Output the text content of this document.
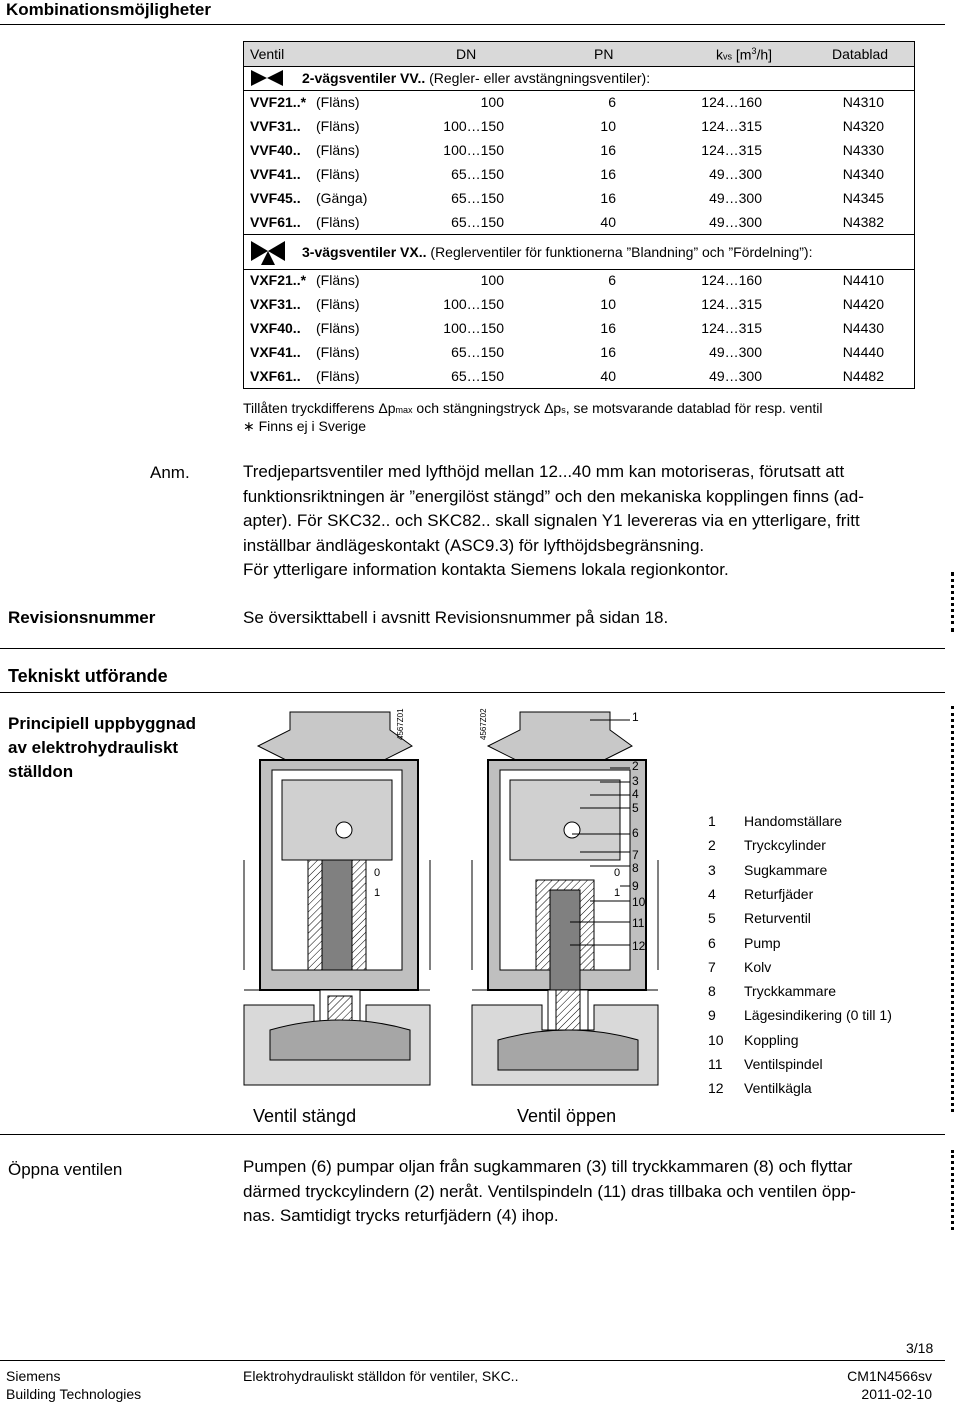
Kombinationsmöjligheter
Ventil	DN	PN	kvs $[m^3/h]$	Datablad
2-vägsventiler VV.. (Regler- eller avstängningsventiler):
VVF21..* (Fläns)	100	6	124…160	N4310
VVF31.. (Fläns)	100…150	10	124…315	N4320
VVF40.. (Fläns)	100…150	16	124…315	N4330
VVF41.. (Fläns)	65…150	16	49…300	N4340
VVF45.. (Gänga)	65…150	16	49…300	N4345
VVF61.. (Fläns)	65…150	40	49…300	N4382
3-vägsventiler VX.. (Reglerventiler för funktionerna ”Blandning” och ”Fördelning”):
VXF21..* (Fläns)	100	6	124…160	N4410
VXF31.. (Fläns)	100…150	10	124…315	N4420
VXF40.. (Fläns)	100…150	16	124…315	N4430
VXF41.. (Fläns)	65…150	16	49…300	N4440
VXF61.. (Fläns)	65…150	40	49…300	N4482
Tillåten tryckdifferens Δpmax och stängningstryck Δps, se motsvarande datablad för resp. ventil
∗ Finns ej i Sverige
Anm.	Tredjepartsventiler med lyfthöjd mellan 12...40 mm kan motoriseras, förutsatt att
funktionsriktningen är ”energilöst stängd” och den mekaniska kopplingen finns (ad-
apter). För SKC32.. och SKC82.. skall signalen Y1 levereras via en ytterligare, fritt
inställbar ändlägeskontakt (ASC9.3) för lyfthöjdsbegränsning.
För ytterligare information kontakta Siemens lokala regionkontor.
Revisionsnummer	Se översikttabell i avsnitt Revisionsnummer på sidan 18.
Tekniskt utförande
Principiell uppbyggnad
av elektrohydrauliskt
ställdon
0
1
0
1
4567Z01	4567Z02	1
2
3
4
5
6
7
8
9
10
11
12
Ventil stängd	Ventil öppen
1 Handomställare
2 Tryckcylinder
3 Sugkammare
4 Returfjäder
5 Returventil
6 Pump
7 Kolv
8 Tryckkammare
9 Lägesindikering (0 till 1)
10 Koppling
11 Ventilspindel
12 Ventilkägla
Öppna ventilen	Pumpen (6) pumpar oljan från sugkammaren (3) till tryckkammaren (8) och flyttar
därmed tryckcylindern (2) neråt. Ventilspindeln (11) dras tillbaka och ventilen öpp-
nas. Samtidigt trycks returfjädern (4) ihop.
3/18
Siemens
Building Technologies
Elektrohydrauliskt ställdon för ventiler, SKC..	CM1N4566sv
2011-02-10
